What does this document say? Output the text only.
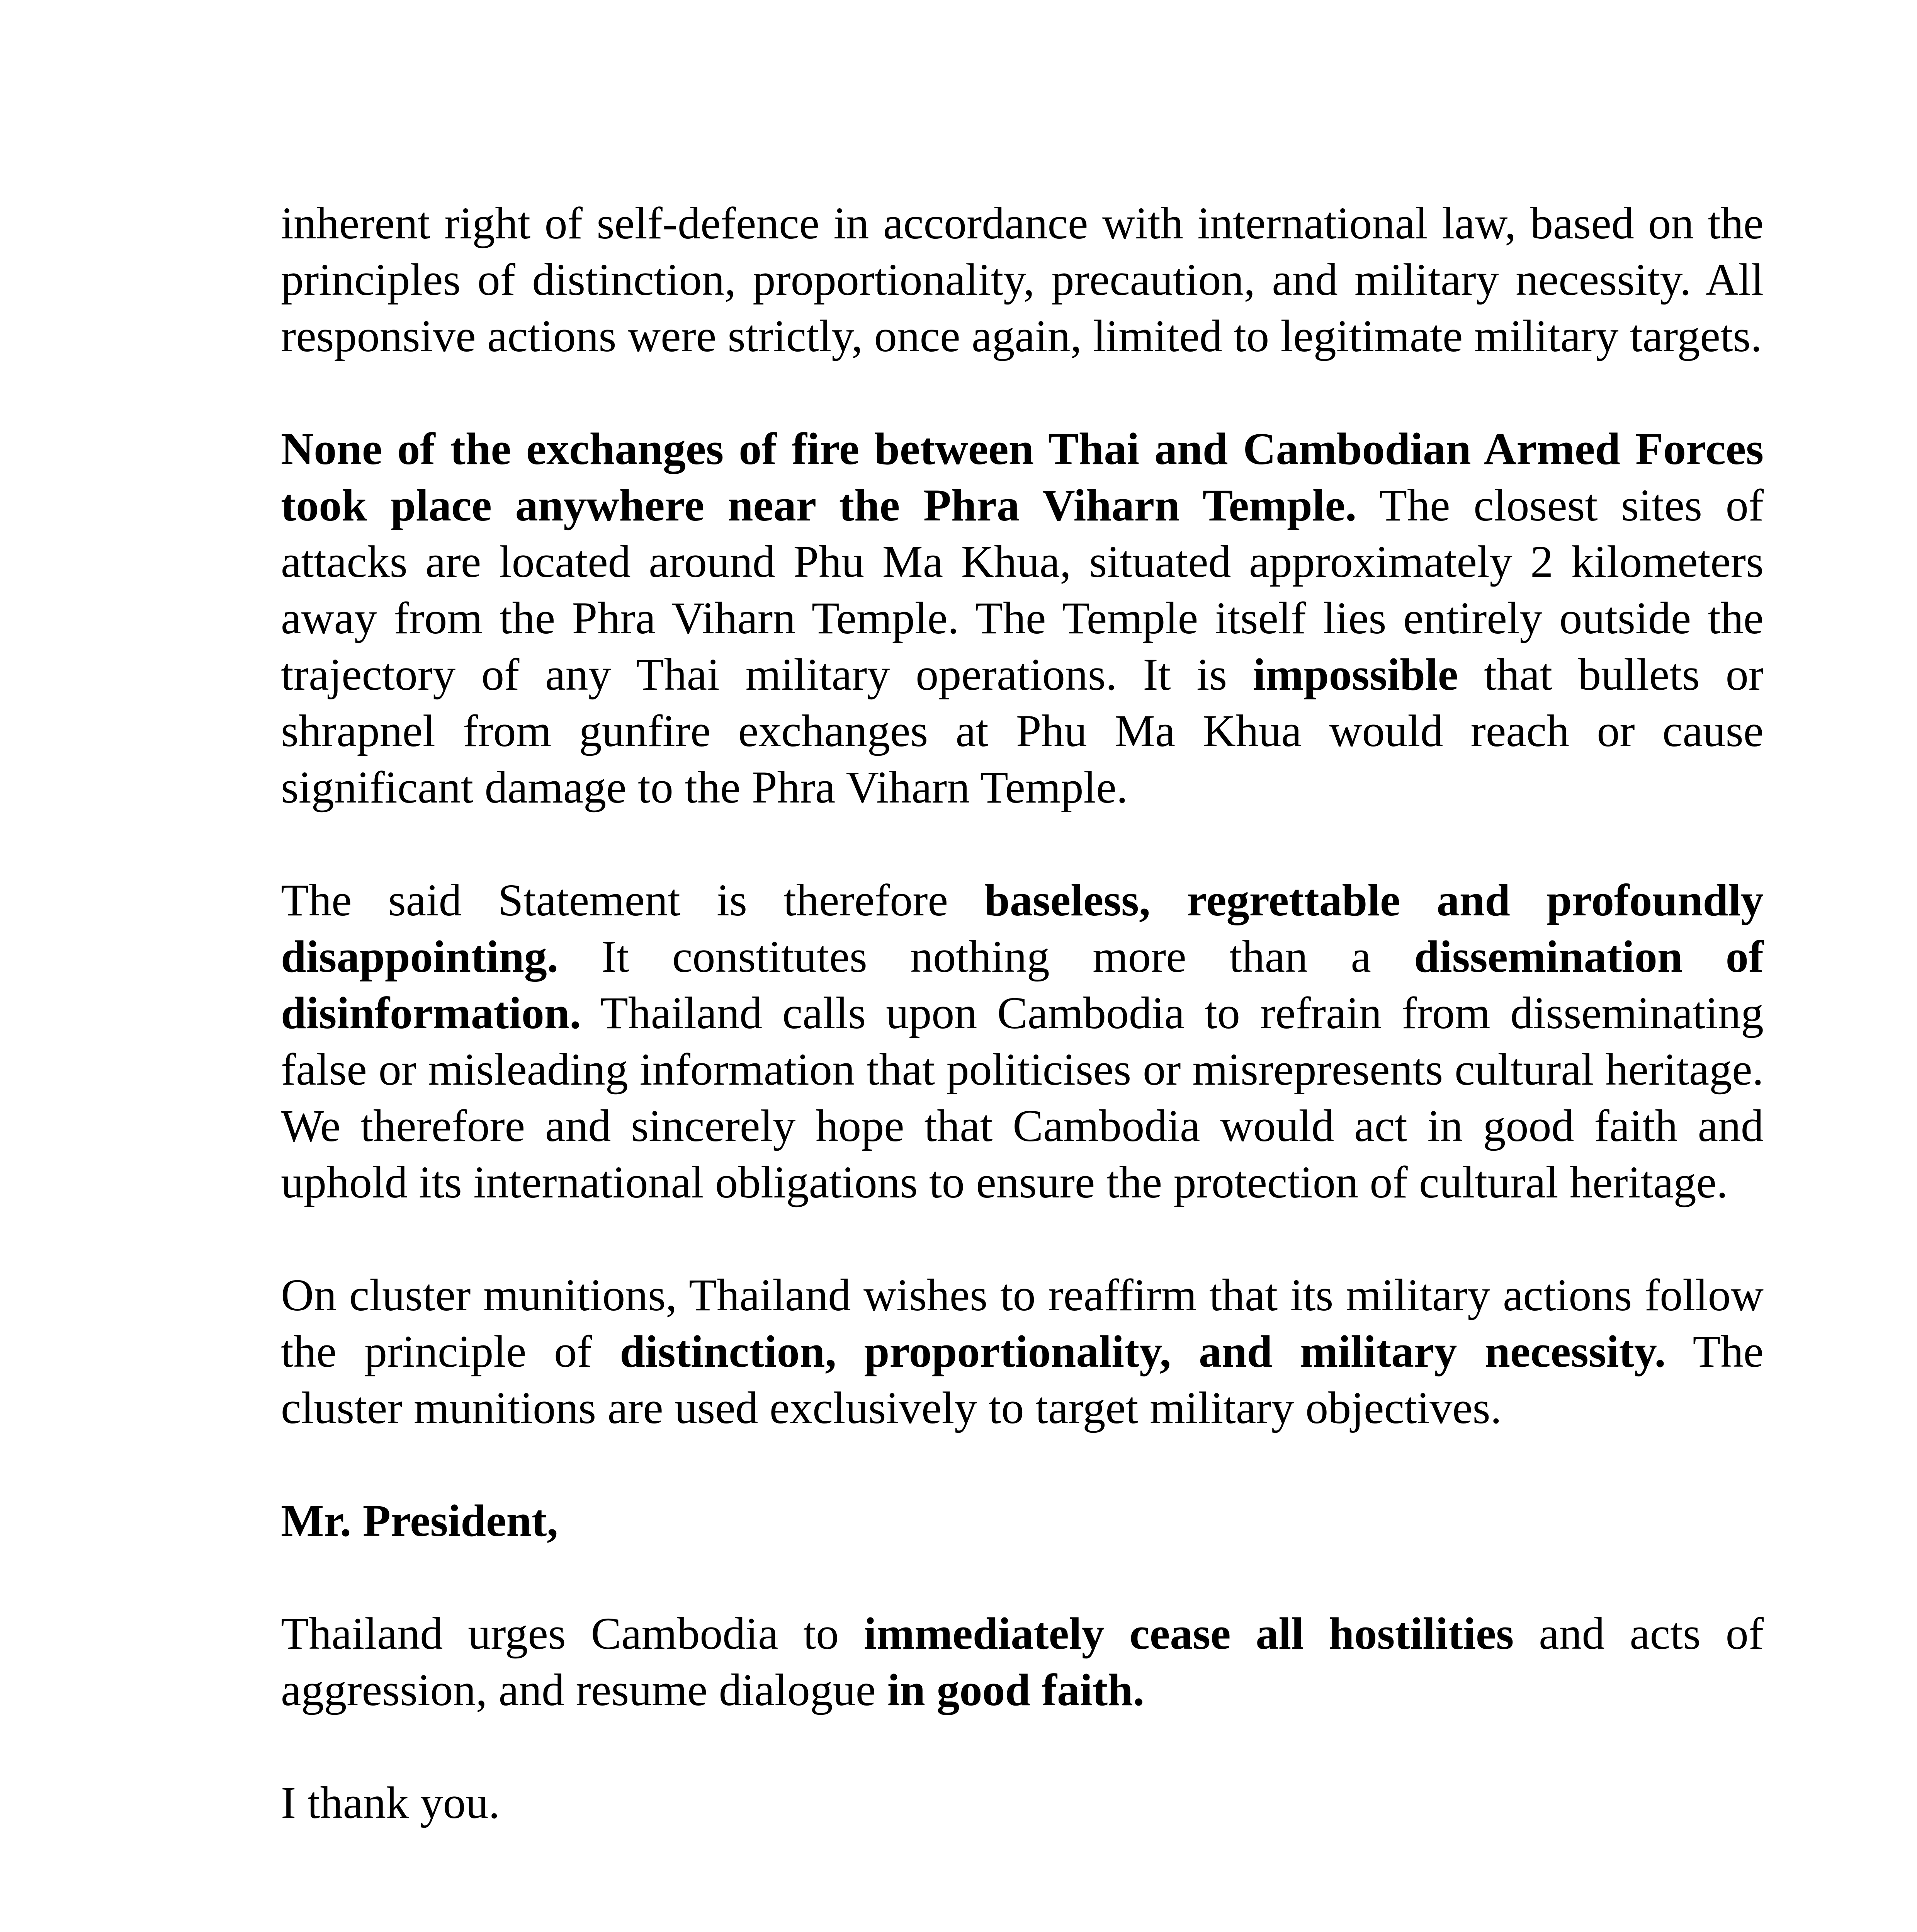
inherent right of self-defence in accordance with international law, based on the principles of distinction, proportionality, precaution, and military necessity. All responsive actions were strictly, once again, limited to legitimate military targets.

None of the exchanges of fire between Thai and Cambodian Armed Forces took place anywhere near the Phra Viharn Temple. The closest sites of attacks are located around Phu Ma Khua, situated approximately 2 kilometers away from the Phra Viharn Temple. The Temple itself lies entirely outside the trajectory of any Thai military operations. It is impossible that bullets or shrapnel from gunfire exchanges at Phu Ma Khua would reach or cause significant damage to the Phra Viharn Temple.

The said Statement is therefore baseless, regrettable and profoundly disappointing. It constitutes nothing more than a dissemination of disinformation. Thailand calls upon Cambodia to refrain from disseminating false or misleading information that politicises or misrepresents cultural heritage. We therefore and sincerely hope that Cambodia would act in good faith and uphold its international obligations to ensure the protection of cultural heritage.

On cluster munitions, Thailand wishes to reaffirm that its military actions follow the principle of distinction, proportionality, and military necessity. The cluster munitions are used exclusively to target military objectives.

Mr. President,

Thailand urges Cambodia to immediately cease all hostilities and acts of aggression, and resume dialogue in good faith.

I thank you.
